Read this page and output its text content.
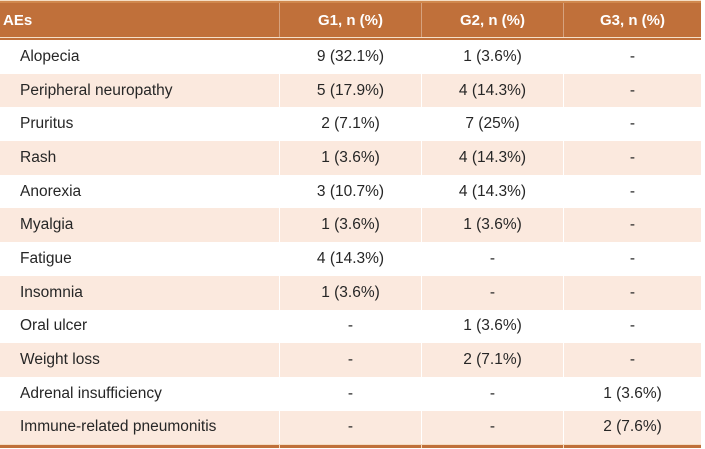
AEs	G1, n (%)	G2, n (%)	G3, n (%)
Alopecia	9 (32.1%)	1 (3.6%)	-
Peripheral neuropathy	5 (17.9%)	4 (14.3%)	-
Pruritus	2 (7.1%)	7 (25%)	-
Rash	1 (3.6%)	4 (14.3%)	-
Anorexia	3 (10.7%)	4 (14.3%)	-
Myalgia	1 (3.6%)	1 (3.6%)	-
Fatigue	4 (14.3%)	-	-
Insomnia	1 (3.6%)	-	-
Oral ulcer	-	1 (3.6%)	-
Weight loss	-	2 (7.1%)	-
Adrenal insufficiency	-	-	1 (3.6%)
Immune-related pneumonitis	-	-	2 (7.6%)
